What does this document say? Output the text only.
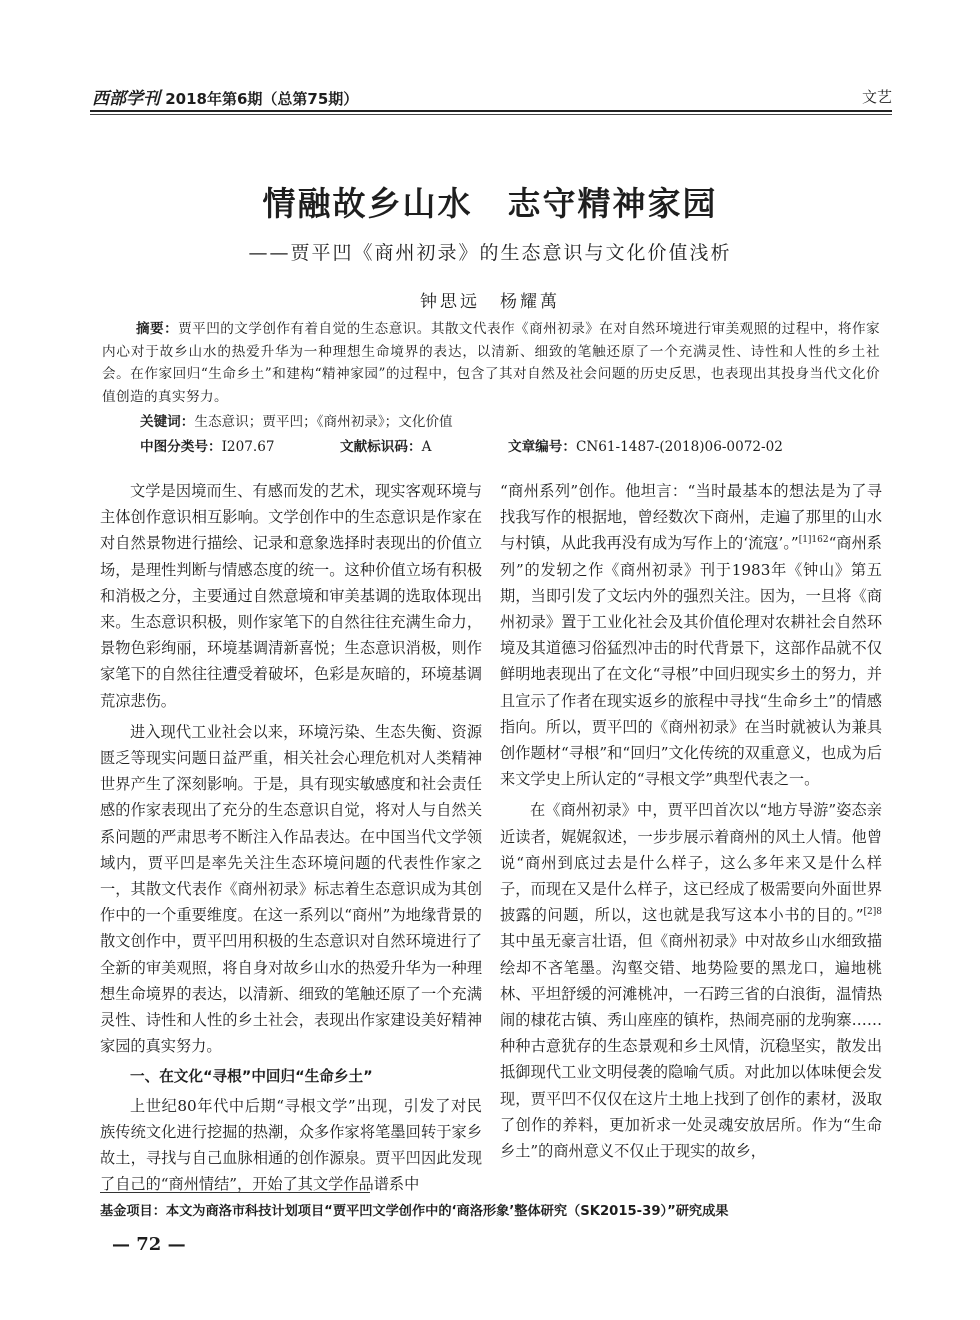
西部学刊 2018年第6期（总第75期）	文艺
情融故乡山水　志守精神家园
——贾平凹《商州初录》的生态意识与文化价值浅析
钟思远　杨耀萬

摘要：贾平凹的文学创作有着自觉的生态意识。其散文代表作《商州初录》在对自然环境进行审美观照的过程中，将作家内心对于故乡山水的热爱升华为一种理想生命境界的表达，以清新、细致的笔触还原了一个充满灵性、诗性和人性的乡土社会。在作家回归“生命乡土”和建构“精神家园”的过程中，包含了其对自然及社会问题的历史反思，也表现出其投身当代文化价值创造的真实努力。

关键词：生态意识；贾平凹；《商州初录》；文化价值
中图分类号：I207.67	文献标识码：A	文章编号：CN61-1487-(2018)06-0072-02

文学是因境而生、有感而发的艺术，现实客观环境与主体创作意识相互影响。文学创作中的生态意识是作家在对自然景物进行描绘、记录和意象选择时表现出的价值立场，是理性判断与情感态度的统一。这种价值立场有积极和消极之分，主要通过自然意境和审美基调的选取体现出来。生态意识积极，则作家笔下的自然往往充满生命力，景物色彩绚丽，环境基调清新喜悦；生态意识消极，则作家笔下的自然往往遭受着破坏，色彩是灰暗的，环境基调荒凉悲伤。

进入现代工业社会以来，环境污染、生态失衡、资源匮乏等现实问题日益严重，相关社会心理危机对人类精神世界产生了深刻影响。于是，具有现实敏感度和社会责任感的作家表现出了充分的生态意识自觉，将对人与自然关系问题的严肃思考不断注入作品表达。在中国当代文学领域内，贾平凹是率先关注生态环境问题的代表性作家之一，其散文代表作《商州初录》标志着生态意识成为其创作中的一个重要维度。在这一系列以“商州”为地缘背景的散文创作中，贾平凹用积极的生态意识对自然环境进行了全新的审美观照，将自身对故乡山水的热爱升华为一种理想生命境界的表达，以清新、细致的笔触还原了一个充满灵性、诗性和人性的乡土社会，表现出作家建设美好精神家园的真实努力。

一、在文化“寻根”中回归“生命乡土”

上世纪80年代中后期“寻根文学”出现，引发了对民族传统文化进行挖掘的热潮，众多作家将笔墨回转于家乡故土，寻找与自己血脉相通的创作源泉。贾平凹因此发现了自己的“商州情结”，开始了其文学作品谱系中

“商州系列”创作。他坦言：“当时最基本的想法是为了寻找我写作的根据地，曾经数次下商州，走遍了那里的山水与村镇，从此我再没有成为写作上的‘流寇’。”$^{[1]162}$“商州系列”的发轫之作《商州初录》刊于1983年《钟山》第五期，当即引发了文坛内外的强烈关注。因为，一旦将《商州初录》置于工业化社会及其价值伦理对农耕社会自然环境及其道德习俗猛烈冲击的时代背景下，这部作品就不仅鲜明地表现出了在文化“寻根”中回归现实乡土的努力，并且宣示了作者在现实返乡的旅程中寻找“生命乡土”的情感指向。所以，贾平凹的《商州初录》在当时就被认为兼具创作题材“寻根”和“回归”文化传统的双重意义，也成为后来文学史上所认定的“寻根文学”典型代表之一。

在《商州初录》中，贾平凹首次以“地方导游”姿态亲近读者，娓娓叙述，一步步展示着商州的风土人情。他曾说“商州到底过去是什么样子，这么多年来又是什么样子，而现在又是什么样子，这已经成了极需要向外面世界披露的问题，所以，这也就是我写这本小书的目的。”$^{[2]8}$其中虽无豪言壮语，但《商州初录》中对故乡山水细致描绘却不吝笔墨。沟壑交错、地势险要的黑龙口，遍地桃林、平坦舒缓的河滩桃冲，一石跨三省的白浪街，温情热闹的棣花古镇、秀山座座的镇柞，热闹亮丽的龙驹寨……种种古意犹存的生态景观和乡土风情，沉稳坚实，散发出抵御现代工业文明侵袭的隐喻气质。对此加以体味便会发现，贾平凹不仅仅在这片土地上找到了创作的素材，汲取了创作的养料，更加祈求一处灵魂安放居所。作为“生命乡土”的商州意义不仅止于现实的故乡，

基金项目：本文为商洛市科技计划项目“贾平凹文学创作中的‘商洛形象’整体研究（SK2015-39）”研究成果
— 72 —
